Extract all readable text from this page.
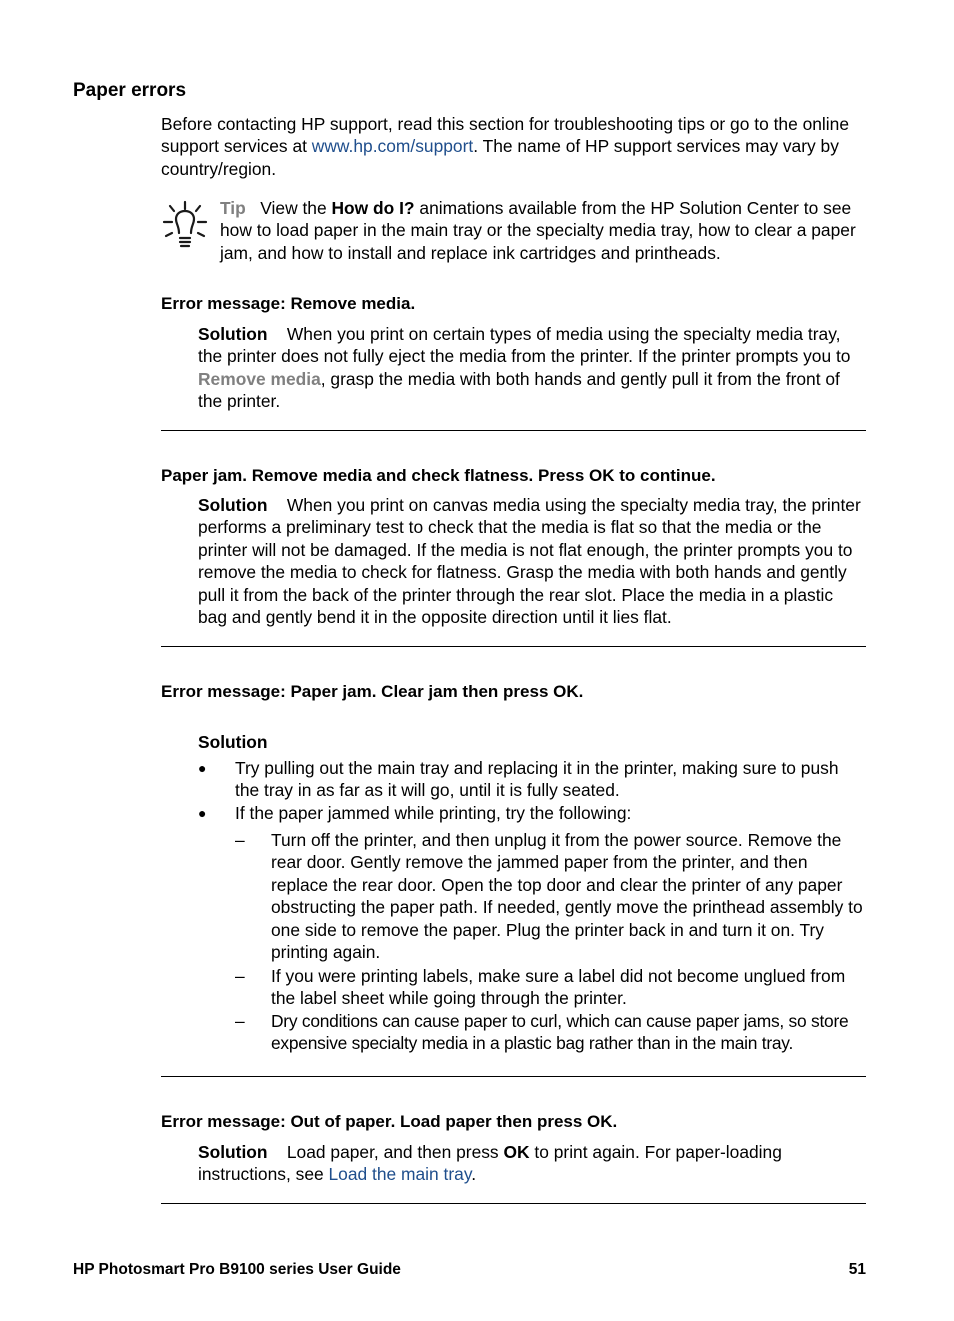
Paper errors
Before contacting HP support, read this section for troubleshooting tips or go to the online support services at www.hp.com/support. The name of HP support services may vary by country/region.
Tip View the How do I? animations available from the HP Solution Center to see how to load paper in the main tray or the specialty media tray, how to clear a paper jam, and how to install and replace ink cartridges and printheads.
Error message: Remove media.
Solution When you print on certain types of media using the specialty media tray, the printer does not fully eject the media from the printer. If the printer prompts you to Remove media, grasp the media with both hands and gently pull it from the front of the printer.
Paper jam. Remove media and check flatness. Press OK to continue.
Solution When you print on canvas media using the specialty media tray, the printer performs a preliminary test to check that the media is flat so that the media or the printer will not be damaged. If the media is not flat enough, the printer prompts you to remove the media to check for flatness. Grasp the media with both hands and gently pull it from the back of the printer through the rear slot. Place the media in a plastic bag and gently bend it in the opposite direction until it lies flat.
Error message: Paper jam. Clear jam then press OK.
Solution
● Try pulling out the main tray and replacing it in the printer, making sure to push the tray in as far as it will go, until it is fully seated.
● If the paper jammed while printing, try the following:
– Turn off the printer, and then unplug it from the power source. Remove the rear door. Gently remove the jammed paper from the printer, and then replace the rear door. Open the top door and clear the printer of any paper obstructing the paper path. If needed, gently move the printhead assembly to one side to remove the paper. Plug the printer back in and turn it on. Try printing again.
– If you were printing labels, make sure a label did not become unglued from the label sheet while going through the printer.
– Dry conditions can cause paper to curl, which can cause paper jams, so store expensive specialty media in a plastic bag rather than in the main tray.
Error message: Out of paper. Load paper then press OK.
Solution Load paper, and then press OK to print again. For paper-loading instructions, see Load the main tray.
HP Photosmart Pro B9100 series User Guide	51
